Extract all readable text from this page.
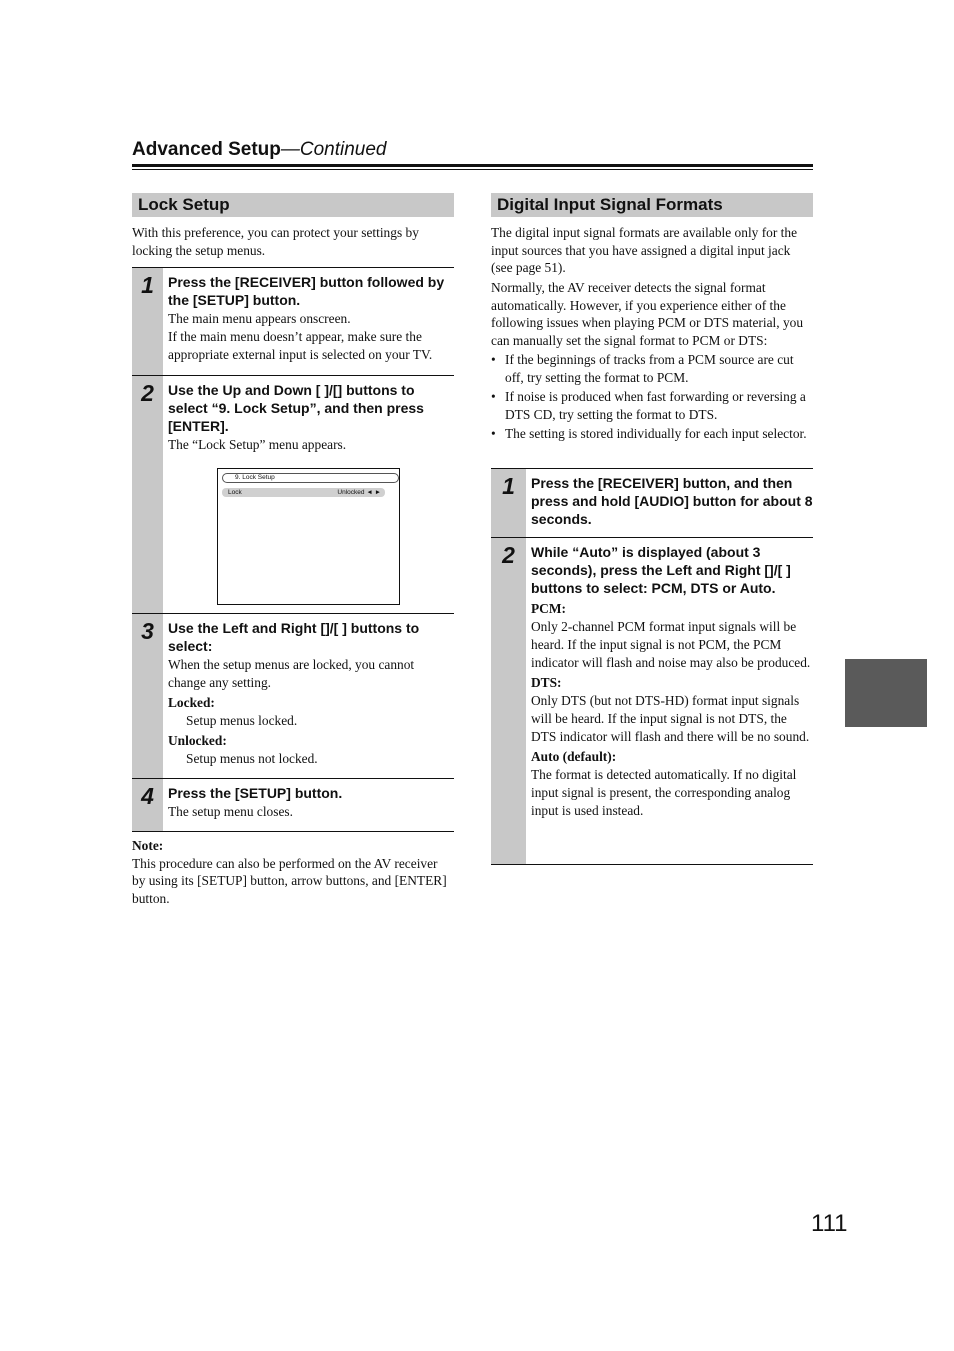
Advanced Setup—Continued
Lock Setup
With this preference, you can protect your settings by locking the setup menus.
1	Press the [RECEIVER] button followed by the [SETUP] button.
The main menu appears onscreen.
If the main menu doesn’t appear, make sure the appropriate external input is selected on your TV.
2	Use the Up and Down [ ]/[] buttons to select “9. Lock Setup”, and then press [ENTER].
The “Lock Setup” menu appears.
9. Lock Setup
Lock	Unlocked ◄ ►
3	Use the Left and Right []/[ ] buttons to select:
When the setup menus are locked, you cannot change any setting.
Locked:
Setup menus locked.
Unlocked:
Setup menus not locked.
4	Press the [SETUP] button.
The setup menu closes.
Note:
This procedure can also be performed on the AV receiver by using its [SETUP] button, arrow buttons, and [ENTER] button.
Digital Input Signal Formats
The digital input signal formats are available only for the input sources that you have assigned a digital input jack (see page 51).
Normally, the AV receiver detects the signal format automatically. However, if you experience either of the following issues when playing PCM or DTS material, you can manually set the signal format to PCM or DTS:
• If the beginnings of tracks from a PCM source are cut off, try setting the format to PCM.
• If noise is produced when fast forwarding or reversing a DTS CD, try setting the format to DTS.
• The setting is stored individually for each input selector.
1	Press the [RECEIVER] button, and then press and hold [AUDIO] button for about 8 seconds.
2	While “Auto” is displayed (about 3 seconds), press the Left and Right []/[ ] buttons to select: PCM, DTS or Auto.
PCM:
Only 2-channel PCM format input signals will be heard. If the input signal is not PCM, the PCM indicator will flash and noise may also be produced.
DTS:
Only DTS (but not DTS-HD) format input signals will be heard. If the input signal is not DTS, the DTS indicator will flash and there will be no sound.
Auto (default):
The format is detected automatically. If no digital input signal is present, the corresponding analog input is used instead.
111
